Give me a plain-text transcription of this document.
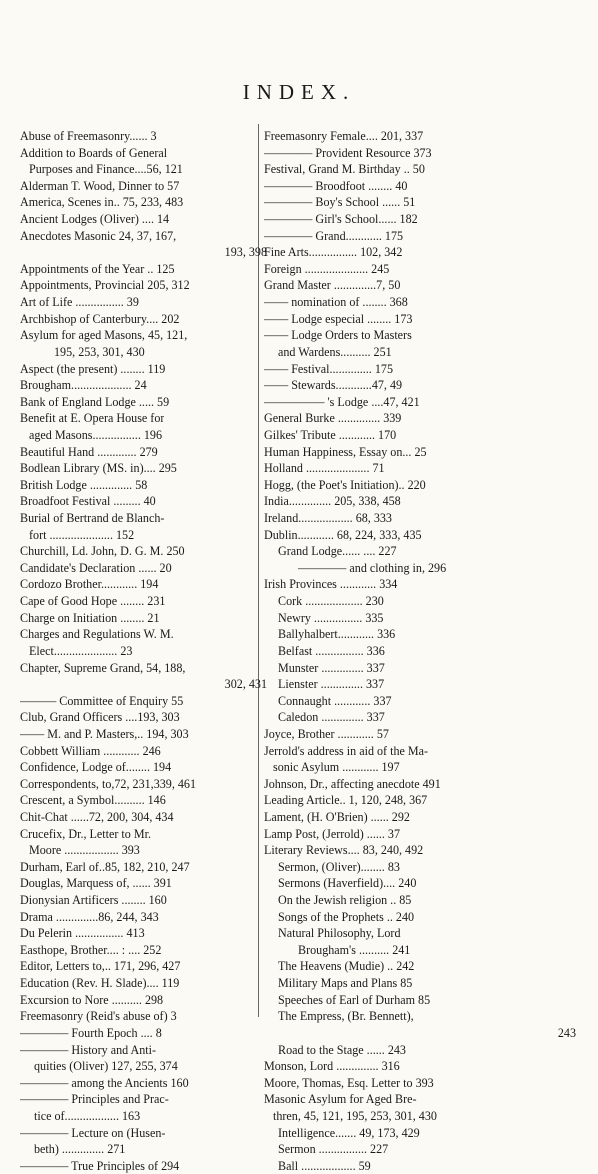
INDEX.
Abuse of Freemasonry...... 3
Addition to Boards of General
Purposes and Finance....56, 121
Alderman T. Wood, Dinner to 57
America, Scenes in.. 75, 233, 483
Ancient Lodges (Oliver) .... 14
Anecdotes Masonic 24, 37, 167,
193, 398
Appointments of the Year .. 125
Appointments, Provincial 205, 312
Art of Life ................ 39
Archbishop of Canterbury.... 202
Asylum for aged Masons, 45, 121,
195, 253, 301, 430
Aspect (the present) ........ 119
Brougham.................... 24
Bank of England Lodge ..... 59
Benefit at E. Opera House for
aged Masons................ 196
Beautiful Hand ............. 279
Bodlean Library (MS. in).... 295
British Lodge .............. 58
Broadfoot Festival ......... 40
Burial of Bertrand de Blanch-
fort ..................... 152
Churchill, Ld. John, D. G. M. 250
Candidate's Declaration ...... 20
Cordozo Brother............ 194
Cape of Good Hope ........ 231
Charge on Initiation ........ 21
Charges and Regulations W. M.
Elect..................... 23
Chapter, Supreme Grand, 54, 188,
302, 431
——— Committee of Enquiry 55
Club, Grand Officers ....193, 303
—— M. and P. Masters,.. 194, 303
Cobbett William ............ 246
Confidence, Lodge of........ 194
Correspondents, to,72, 231,339, 461
Crescent, a Symbol.......... 146
Chit-Chat ......72, 200, 304, 434
Crucefix, Dr., Letter to Mr.
Moore .................. 393
Durham, Earl of..85, 182, 210, 247
Douglas, Marquess of, ...... 391
Dionysian Artificers ........ 160
Drama ..............86, 244, 343
Du Pelerin ................ 413
Easthope, Brother.... : .... 252
Editor, Letters to,.. 171, 296, 427
Education (Rev. H. Slade).... 119
Excursion to Nore .......... 298
Freemasonry (Reid's abuse of) 3
———— Fourth Epoch .... 8
———— History and Anti-
quities (Oliver) 127, 255, 374
———— among the Ancients 160
———— Principles and Prac-
tice of.................. 163
———— Lecture on (Husen-
beth) .............. 271
———— True Principles of 294
Freemasonry Female.... 201, 337
———— Provident Resource 373
Festival, Grand M. Birthday .. 50
———— Broodfoot ........ 40
———— Boy's School ...... 51
———— Girl's School...... 182
———— Grand............ 175
Fine Arts................ 102, 342
Foreign ..................... 245
Grand Master ..............7, 50
—— nomination of ........ 368
—— Lodge especial ........ 173
—— Lodge Orders to Masters
and Wardens.......... 251
—— Festival.............. 175
—— Stewards............47, 49
————— 's Lodge ....47, 421
General Burke .............. 339
Gilkes' Tribute ............ 170
Human Happiness, Essay on... 25
Holland ..................... 71
Hogg, (the Poet's Initiation).. 220
India.............. 205, 338, 458
Ireland.................. 68, 333
Dublin............ 68, 224, 333, 435
Grand Lodge...... .... 227
———— and clothing in, 296
Irish Provinces ............ 334
Cork ................... 230
Newry ................ 335
Ballyhalbert............ 336
Belfast ................ 336
Munster .............. 337
Lienster .............. 337
Connaught ............ 337
Caledon .............. 337
Joyce, Brother ............ 57
Jerrold's address in aid of the Ma-
sonic Asylum ............ 197
Johnson, Dr., affecting anecdote 491
Leading Article.. 1, 120, 248, 367
Lament, (H. O'Brien) ...... 292
Lamp Post, (Jerrold) ...... 37
Literary Reviews.... 83, 240, 492
Sermon, (Oliver)........ 83
Sermons (Haverfield).... 240
On the Jewish religion .. 85
Songs of the Prophets .. 240
Natural Philosophy, Lord
Brougham's .......... 241
The Heavens (Mudie) .. 242
Military Maps and Plans 85
Speeches of Earl of Durham 85
The Empress, (Br. Bennett),
243
Road to the Stage ...... 243
Monson, Lord .............. 316
Moore, Thomas, Esq. Letter to 393
Masonic Asylum for Aged Bre-
thren, 45, 121, 195, 253, 301, 430
Intelligence....... 49, 173, 429
Sermon ................ 227
Ball .................. 59
